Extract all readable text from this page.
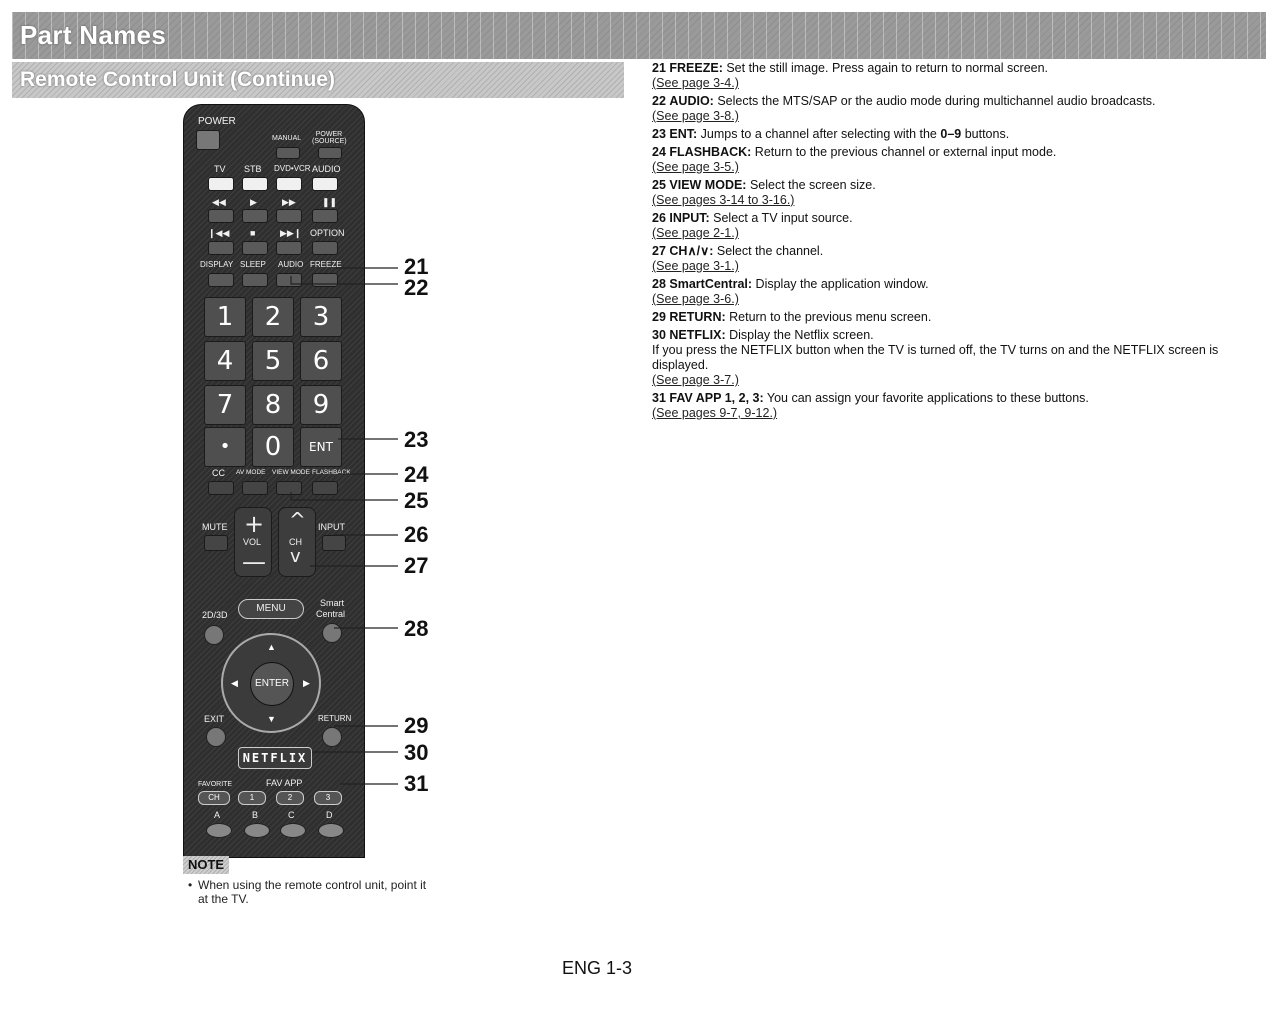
Part Names
Remote Control Unit (Continue)
POWER
MANUAL
POWER (SOURCE)
TV STB DVD•VCR AUDIO
◀◀	▶	▶▶	❚❚
❙◀◀ ■	▶▶❙ OPTION
DISPLAY SLEEP AUDIO FREEZE
1	2	3
4	5	6
7	8	9
•	0	ENT
CC AV MODE VIEW MODE FLASHBACK
MUTE +
VOL
—
^
CH
v
INPUT
2D/3D
MENU	Smart
Central
▲
▼
◀	▶
ENTER
EXIT	RETURN
NETFLIX
FAVORITE
CH
FAV APP
1	2	3
A	B	C	D
21
22
23
24
25
26
27
28
29
30
31
NOTE
• When using the remote control unit, point it at the TV.
21 FREEZE: Set the still image. Press again to return to normal screen.
(See page 3-4.)
22 AUDIO: Selects the MTS/SAP or the audio mode during multichannel audio broadcasts.
(See page 3-8.)
23 ENT: Jumps to a channel after selecting with the 0–9 buttons.
24 FLASHBACK: Return to the previous channel or external input mode.
(See page 3-5.)
25 VIEW MODE: Select the screen size.
(See pages 3-14 to 3-16.)
26 INPUT: Select a TV input source.
(See page 2-1.)
27 CH∧/∨: Select the channel.
(See page 3-1.)
28 SmartCentral: Display the application window.
(See page 3-6.)
29 RETURN: Return to the previous menu screen.
30 NETFLIX: Display the Netflix screen.
If you press the NETFLIX button when the TV is turned off, the TV turns on and the NETFLIX screen is displayed.
(See page 3-7.)
31 FAV APP 1, 2, 3: You can assign your favorite applications to these buttons.
(See pages 9-7, 9-12.)
ENG 1-3
